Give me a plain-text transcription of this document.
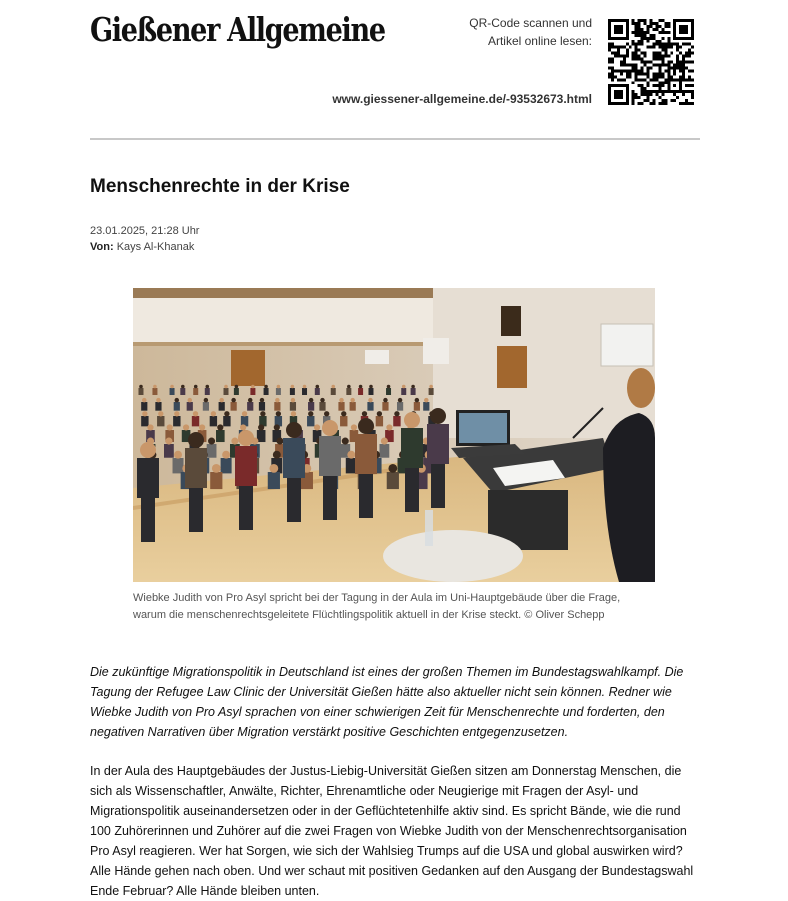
Gießener Allgemeine	QR-Code scannen und
Artikel online lesen:
www.giessener-allgemeine.de/-93532673.html
Menschenrechte in der Krise
23.01.2025, 21:28 Uhr
Von: Kays Al-Khanak
Wiebke Judith von Pro Asyl spricht bei der Tagung in der Aula im Uni-Hauptgebäude über die Frage, warum die menschenrechtsgeleitete Flüchtlingspolitik aktuell in der Krise steckt. © Oliver Schepp

Die zukünftige Migrationspolitik in Deutschland ist eines der großen Themen im Bundestagswahlkampf. Die Tagung der Refugee Law Clinic der Universität Gießen hätte also aktueller nicht sein können. Redner wie Wiebke Judith von Pro Asyl sprachen von einer schwierigen Zeit für Menschenrechte und forderten, den negativen Narrativen über Migration verstärkt positive Geschichten entgegenzusetzen.

In der Aula des Hauptgebäudes der Justus-Liebig-Universität Gießen sitzen am Donnerstag Menschen, die sich als Wissenschaftler, Anwälte, Richter, Ehrenamtliche oder Neugierige mit Fragen der Asyl- und Migrationspolitik auseinandersetzen oder in der Geflüchtetenhilfe aktiv sind. Es spricht Bände, wie die rund 100 Zuhörerinnen und Zuhörer auf die zwei Fragen von Wiebke Judith von der Menschenrechtsorganisation Pro Asyl reagieren. Wer hat Sorgen, wie sich der Wahlsieg Trumps auf die USA und global auswirken wird? Alle Hände gehen nach oben. Und wer schaut mit positiven Gedanken auf den Ausgang der Bundestagswahl Ende Februar? Alle Hände bleiben unten.
